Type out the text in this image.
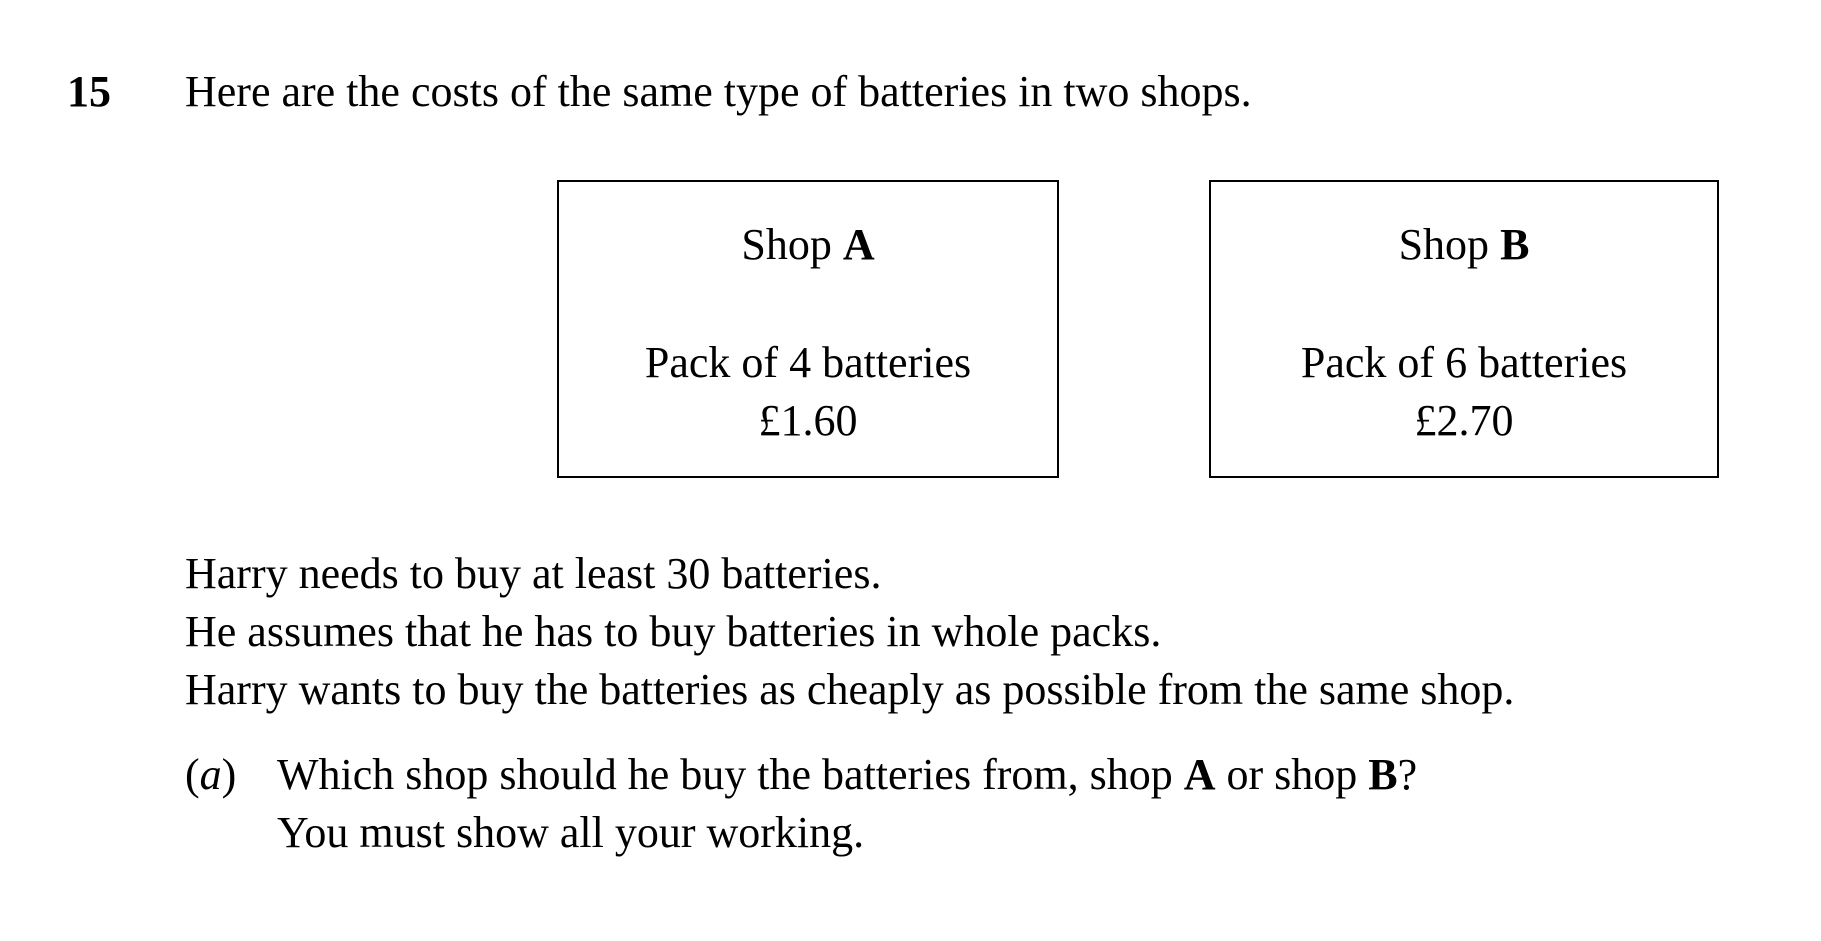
15 Here are the costs of the same type of batteries in two shops.
Shop A
Pack of 4 batteries
£1.60
Shop B
Pack of 6 batteries
£2.70
Harry needs to buy at least 30 batteries.
He assumes that he has to buy batteries in whole packs.
Harry wants to buy the batteries as cheaply as possible from the same shop.
(a) Which shop should he buy the batteries from, shop A or shop B?
You must show all your working.
